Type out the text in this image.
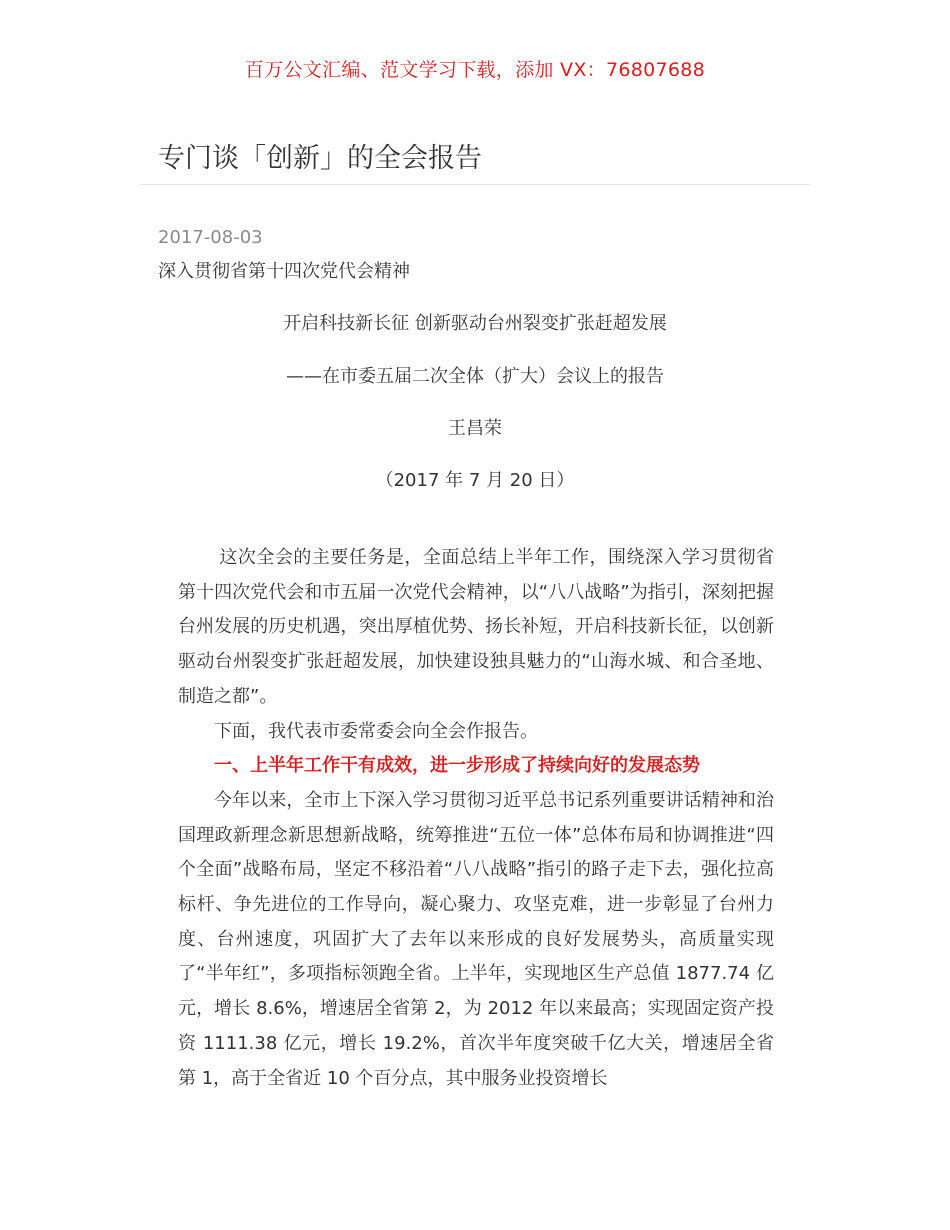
百万公文汇编、范文学习下载，添加 VX：76807688
专门谈「创新」的全会报告
2017-08-03
深入贯彻省第十四次党代会精神
开启科技新长征 创新驱动台州裂变扩张赶超发展
——在市委五届二次全体（扩大）会议上的报告
王昌荣
（2017 年 7 月 20 日）

这次全会的主要任务是，全面总结上半年工作，围绕深入学习贯彻省第十四次党代会和市五届一次党代会精神，以“八八战略”为指引，深刻把握台州发展的历史机遇，突出厚植优势、扬长补短，开启科技新长征，以创新驱动台州裂变扩张赶超发展，加快建设独具魅力的“山海水城、和合圣地、制造之都”。

下面，我代表市委常委会向全会作报告。

一、上半年工作干有成效，进一步形成了持续向好的发展态势

今年以来，全市上下深入学习贯彻习近平总书记系列重要讲话精神和治国理政新理念新思想新战略，统筹推进“五位一体”总体布局和协调推进“四个全面”战略布局，坚定不移沿着“八八战略”指引的路子走下去，强化拉高标杆、争先进位的工作导向，凝心聚力、攻坚克难，进一步彰显了台州力度、台州速度，巩固扩大了去年以来形成的良好发展势头，高质量实现了“半年红”，多项指标领跑全省。上半年，实现地区生产总值 1877.74 亿元，增长 8.6%，增速居全省第 2，为 2012 年以来最高；实现固定资产投资 1111.38 亿元，增长 19.2%，首次半年度突破千亿大关，增速居全省第 1，高于全省近 10 个百分点，其中服务业投资增长
